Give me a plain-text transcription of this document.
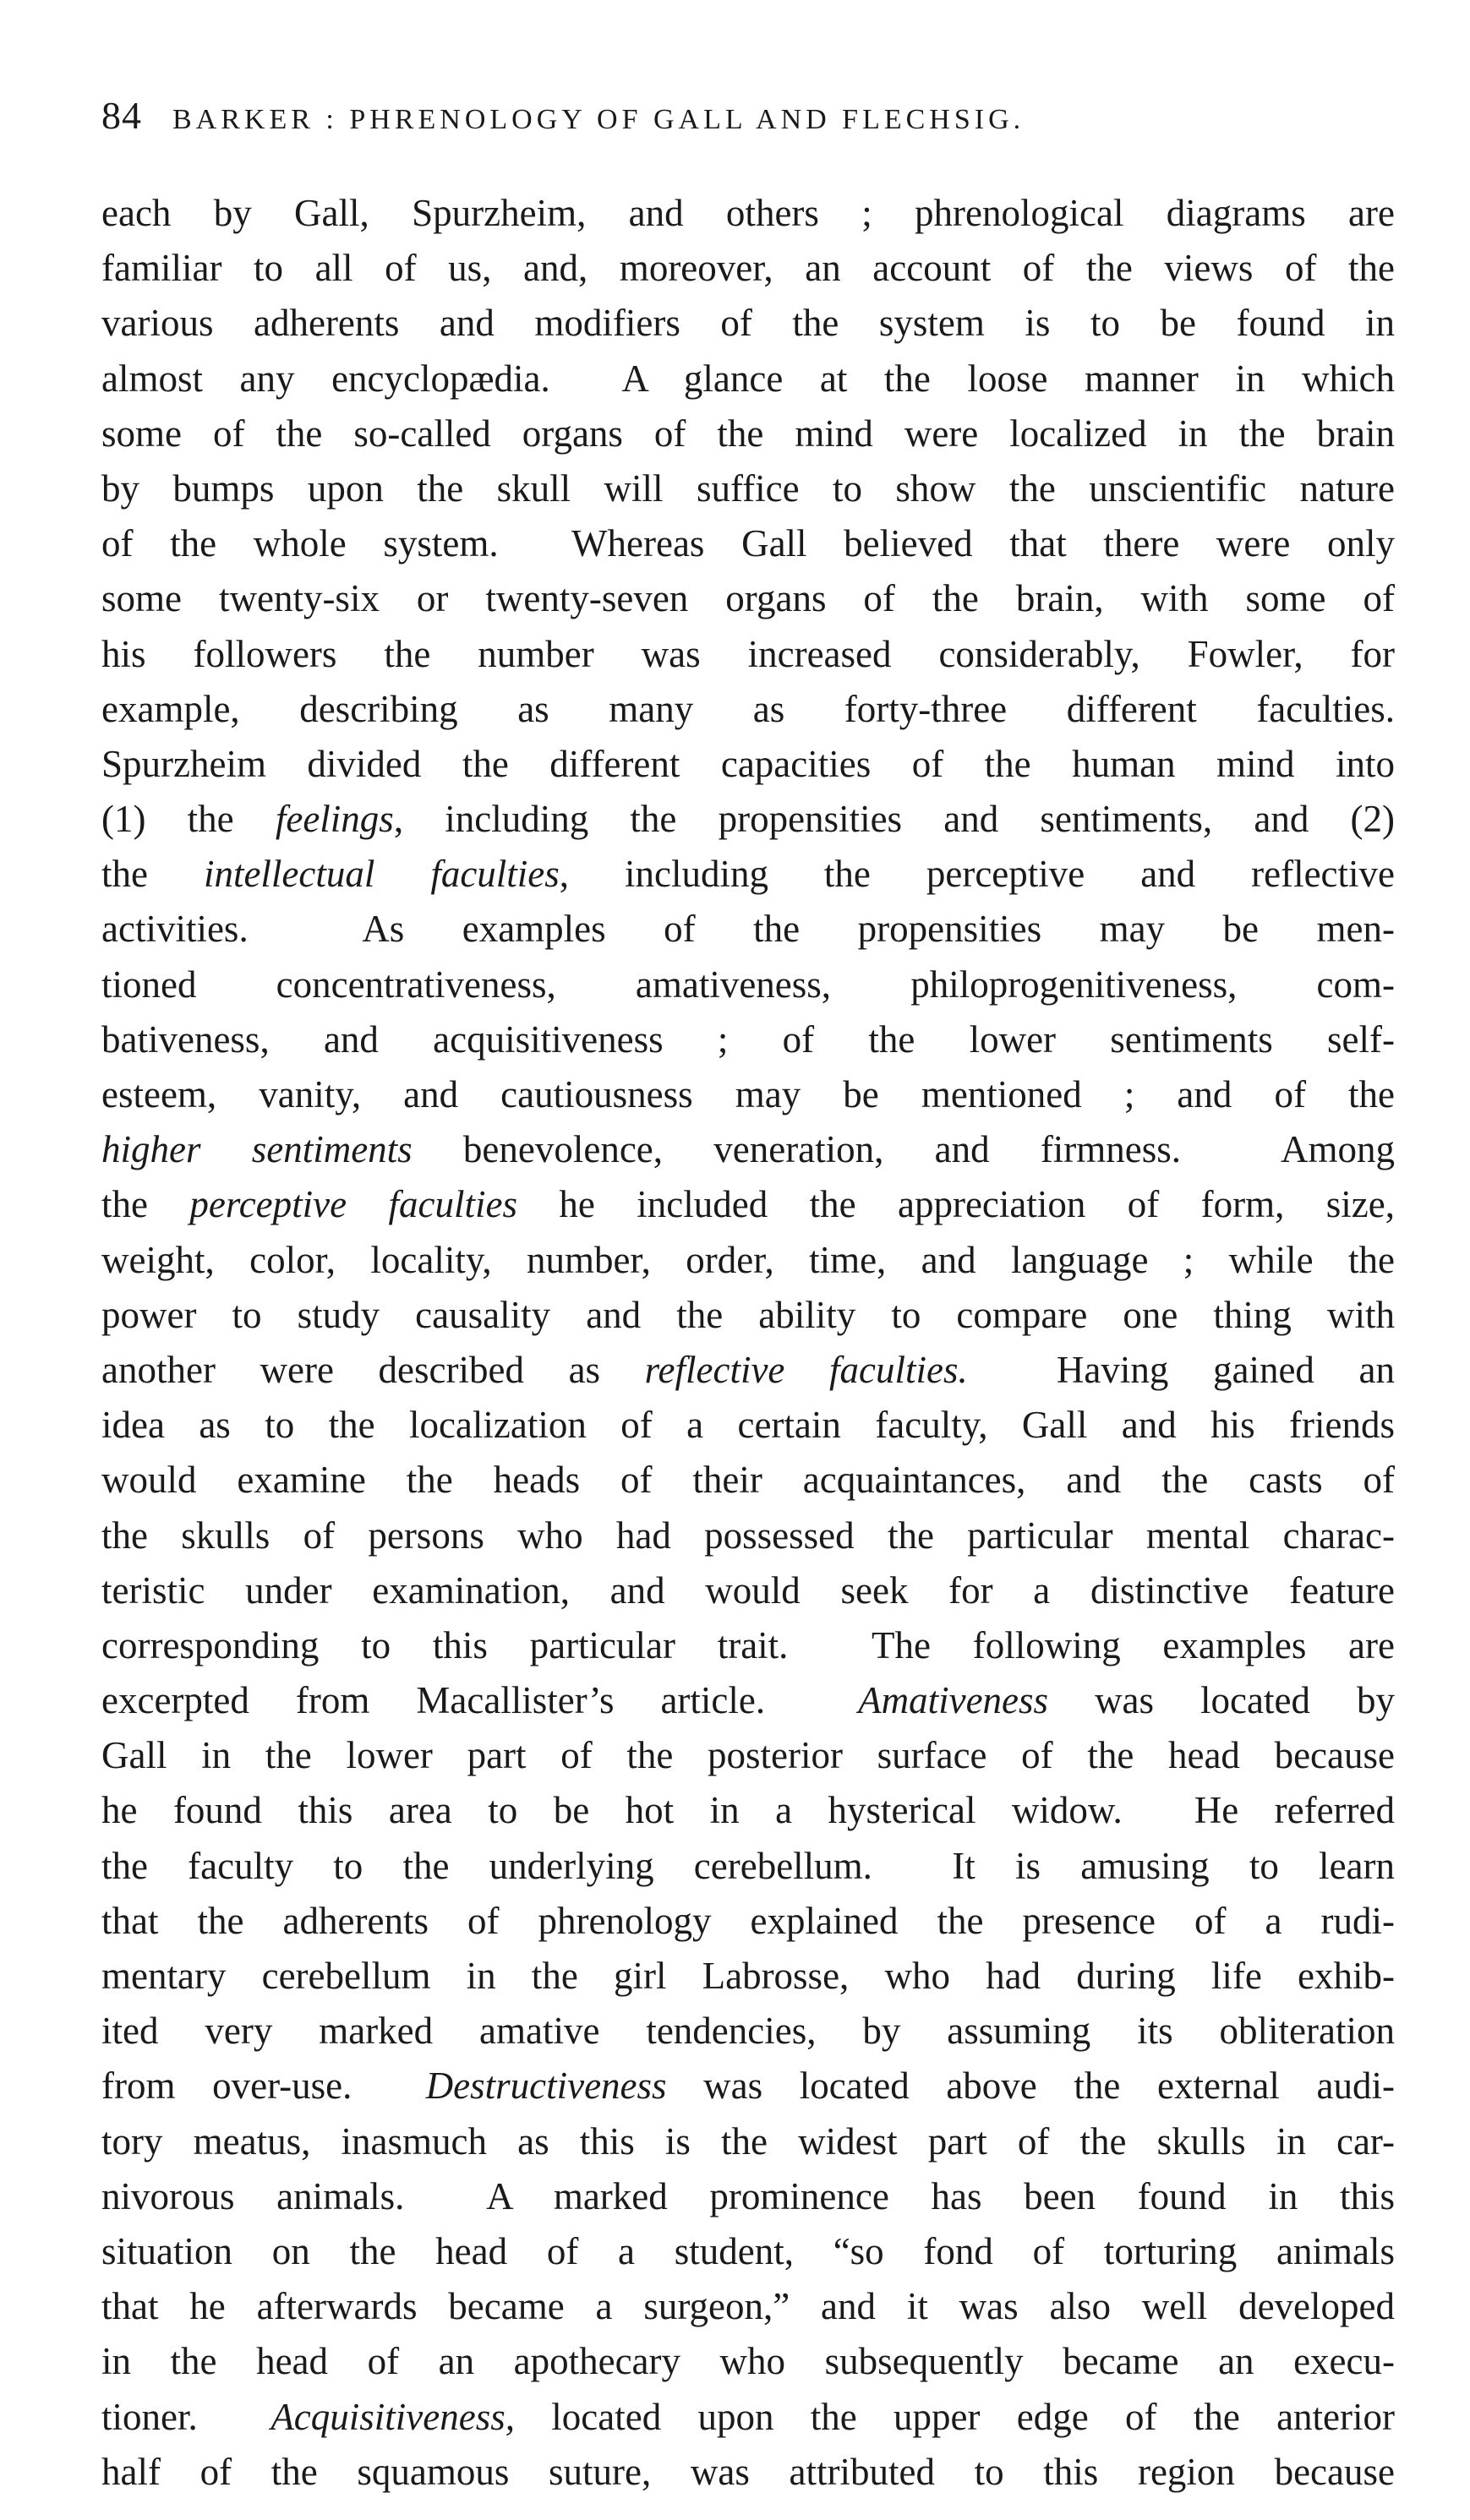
84 BARKER : PHRENOLOGY OF GALL AND FLECHSIG.
each by Gall, Spurzheim, and others ; phrenological diagrams are
familiar to all of us, and, moreover, an account of the views of the
various adherents and modifiers of the system is to be found in
almost any encyclopædia.  A glance at the loose manner in which
some of the so-called organs of the mind were localized in the brain
by bumps upon the skull will suffice to show the unscientific nature
of the whole system.  Whereas Gall believed that there were only
some twenty-six or twenty-seven organs of the brain, with some of
his followers the number was increased considerably, Fowler, for
example, describing as many as forty-three different faculties.
Spurzheim divided the different capacities of the human mind into
(1) the feelings, including the propensities and sentiments, and (2)
the intellectual faculties, including the perceptive and reflective
activities.  As examples of the propensities may be men-
tioned concentrativeness, amativeness, philoprogenitiveness, com-
bativeness, and acquisitiveness ; of the lower sentiments self-
esteem, vanity, and cautiousness may be mentioned ; and of the
higher sentiments benevolence, veneration, and firmness.  Among
the perceptive faculties he included the appreciation of form, size,
weight, color, locality, number, order, time, and language ; while the
power to study causality and the ability to compare one thing with
another were described as reflective faculties.  Having gained an
idea as to the localization of a certain faculty, Gall and his friends
would examine the heads of their acquaintances, and the casts of
the skulls of persons who had possessed the particular mental charac-
teristic under examination, and would seek for a distinctive feature
corresponding to this particular trait.  The following examples are
excerpted from Macallister’s article.  Amativeness was located by
Gall in the lower part of the posterior surface of the head because
he found this area to be hot in a hysterical widow.  He referred
the faculty to the underlying cerebellum.  It is amusing to learn
that the adherents of phrenology explained the presence of a rudi-
mentary cerebellum in the girl Labrosse, who had during life exhib-
ited very marked amative tendencies, by assuming its obliteration
from over-use.  Destructiveness was located above the external audi-
tory meatus, inasmuch as this is the widest part of the skulls in car-
nivorous animals.  A marked prominence has been found in this
situation on the head of a student, “so fond of torturing animals
that he afterwards became a surgeon,” and it was also well developed
in the head of an apothecary who subsequently became an execu-
tioner.  Acquisitiveness, located upon the upper edge of the anterior
half of the squamous suture, was attributed to this region because
